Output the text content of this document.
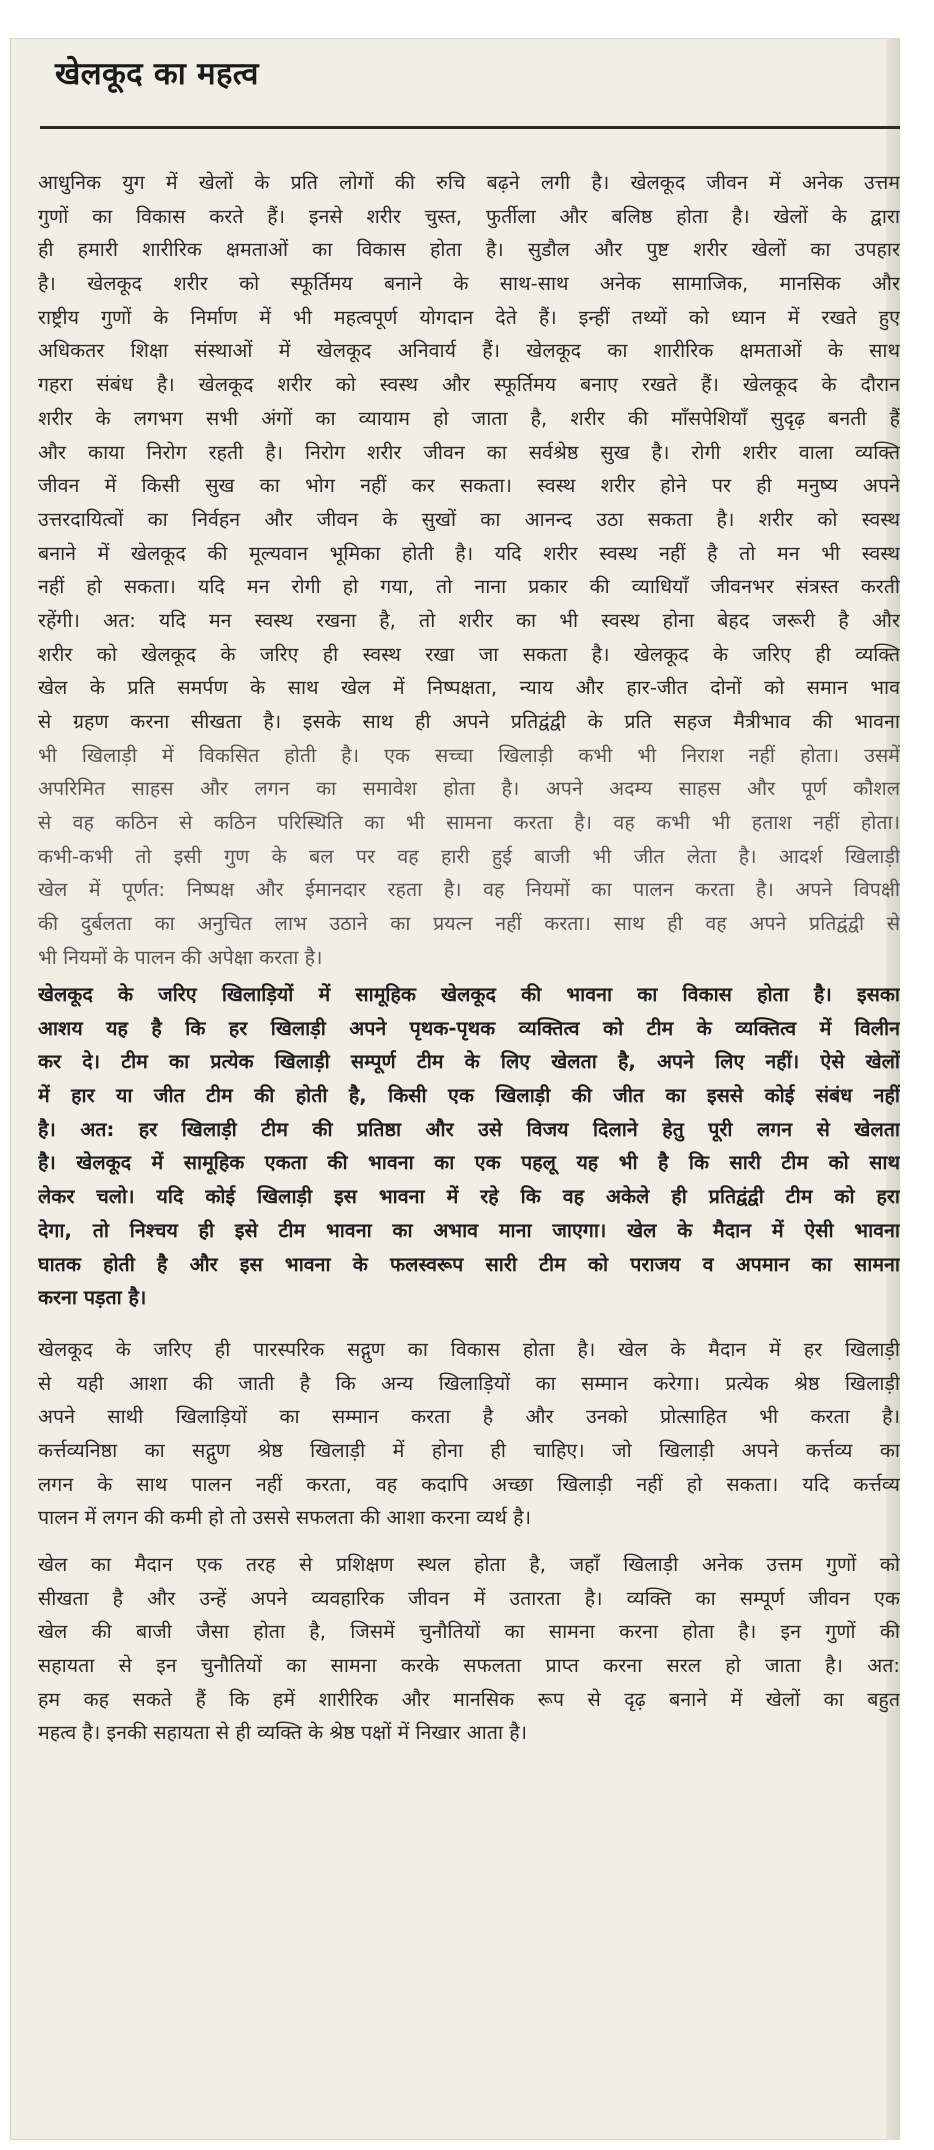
खेलकूद का महत्व
आधुनिक युग में खेलों के प्रति लोगों की रुचि बढ़ने लगी है। खेलकूद जीवन में अनेक उत्तम
गुणों का विकास करते हैं। इनसे शरीर चुस्त, फुर्तीला और बलिष्ठ होता है। खेलों के द्वारा
ही हमारी शारीरिक क्षमताओं का विकास होता है। सुडौल और पुष्ट शरीर खेलों का उपहार
है। खेलकूद शरीर को स्फूर्तिमय बनाने के साथ-साथ अनेक सामाजिक, मानसिक और
राष्ट्रीय गुणों के निर्माण में भी महत्वपूर्ण योगदान देते हैं। इन्हीं तथ्यों को ध्यान में रखते हुए
अधिकतर शिक्षा संस्थाओं में खेलकूद अनिवार्य हैं। खेलकूद का शारीरिक क्षमताओं के साथ
गहरा संबंध है। खेलकूद शरीर को स्वस्थ और स्फूर्तिमय बनाए रखते हैं। खेलकूद के दौरान
शरीर के लगभग सभी अंगों का व्यायाम हो जाता है, शरीर की माँसपेशियाँ सुदृढ़ बनती हैं
और काया निरोग रहती है। निरोग शरीर जीवन का सर्वश्रेष्ठ सुख है। रोगी शरीर वाला व्यक्ति
जीवन में किसी सुख का भोग नहीं कर सकता। स्वस्थ शरीर होने पर ही मनुष्य अपने
उत्तरदायित्वों का निर्वहन और जीवन के सुखों का आनन्द उठा सकता है। शरीर को स्वस्थ
बनाने में खेलकूद की मूल्यवान भूमिका होती है। यदि शरीर स्वस्थ नहीं है तो मन भी स्वस्थ
नहीं हो सकता। यदि मन रोगी हो गया, तो नाना प्रकार की व्याधियाँ जीवनभर संत्रस्त करती
रहेंगी। अत: यदि मन स्वस्थ रखना है, तो शरीर का भी स्वस्थ होना बेहद जरूरी है और
शरीर को खेलकूद के जरिए ही स्वस्थ रखा जा सकता है। खेलकूद के जरिए ही व्यक्ति
खेल के प्रति समर्पण के साथ खेल में निष्पक्षता, न्याय और हार-जीत दोनों को समान भाव
से ग्रहण करना सीखता है। इसके साथ ही अपने प्रतिद्वंद्वी के प्रति सहज मैत्रीभाव की भावना
भी खिलाड़ी में विकसित होती है। एक सच्चा खिलाड़ी कभी भी निराश नहीं होता। उसमें
अपरिमित साहस और लगन का समावेश होता है। अपने अदम्य साहस और पूर्ण कौशल
से वह कठिन से कठिन परिस्थिति का भी सामना करता है। वह कभी भी हताश नहीं होता।
कभी-कभी तो इसी गुण के बल पर वह हारी हुई बाजी भी जीत लेता है। आदर्श खिलाड़ी
खेल में पूर्णत: निष्पक्ष और ईमानदार रहता है। वह नियमों का पालन करता है। अपने विपक्षी
की दुर्बलता का अनुचित लाभ उठाने का प्रयत्न नहीं करता। साथ ही वह अपने प्रतिद्वंद्वी से
भी नियमों के पालन की अपेक्षा करता है।
खेलकूद के जरिए खिलाड़ियों में सामूहिक खेलकूद की भावना का विकास होता है। इसका
आशय यह है कि हर खिलाड़ी अपने पृथक-पृथक व्यक्तित्व को टीम के व्यक्तित्व में विलीन
कर दे। टीम का प्रत्येक खिलाड़ी सम्पूर्ण टीम के लिए खेलता है, अपने लिए नहीं। ऐसे खेलों
में हार या जीत टीम की होती है, किसी एक खिलाड़ी की जीत का इससे कोई संबंध नहीं
है। अत: हर खिलाड़ी टीम की प्रतिष्ठा और उसे विजय दिलाने हेतु पूरी लगन से खेलता
है। खेलकूद में सामूहिक एकता की भावना का एक पहलू यह भी है कि सारी टीम को साथ
लेकर चलो। यदि कोई खिलाड़ी इस भावना में रहे कि वह अकेले ही प्रतिद्वंद्वी टीम को हरा
देगा, तो निश्चय ही इसे टीम भावना का अभाव माना जाएगा। खेल के मैदान में ऐसी भावना
घातक होती है और इस भावना के फलस्वरूप सारी टीम को पराजय व अपमान का सामना
करना पड़ता है।
खेलकूद के जरिए ही पारस्परिक सद्गुण का विकास होता है। खेल के मैदान में हर खिलाड़ी
से यही आशा की जाती है कि अन्य खिलाड़ियों का सम्मान करेगा। प्रत्येक श्रेष्ठ खिलाड़ी
अपने साथी खिलाड़ियों का सम्मान करता है और उनको प्रोत्साहित भी करता है।
कर्त्तव्यनिष्ठा का सद्गुण श्रेष्ठ खिलाड़ी में होना ही चाहिए। जो खिलाड़ी अपने कर्त्तव्य का
लगन के साथ पालन नहीं करता, वह कदापि अच्छा खिलाड़ी नहीं हो सकता। यदि कर्त्तव्य
पालन में लगन की कमी हो तो उससे सफलता की आशा करना व्यर्थ है।
खेल का मैदान एक तरह से प्रशिक्षण स्थल होता है, जहाँ खिलाड़ी अनेक उत्तम गुणों को
सीखता है और उन्हें अपने व्यवहारिक जीवन में उतारता है। व्यक्ति का सम्पूर्ण जीवन एक
खेल की बाजी जैसा होता है, जिसमें चुनौतियों का सामना करना होता है। इन गुणों की
सहायता से इन चुनौतियों का सामना करके सफलता प्राप्त करना सरल हो जाता है। अत:
हम कह सकते हैं कि हमें शारीरिक और मानसिक रूप से दृढ़ बनाने में खेलों का बहुत
महत्व है। इनकी सहायता से ही व्यक्ति के श्रेष्ठ पक्षों में निखार आता है।
